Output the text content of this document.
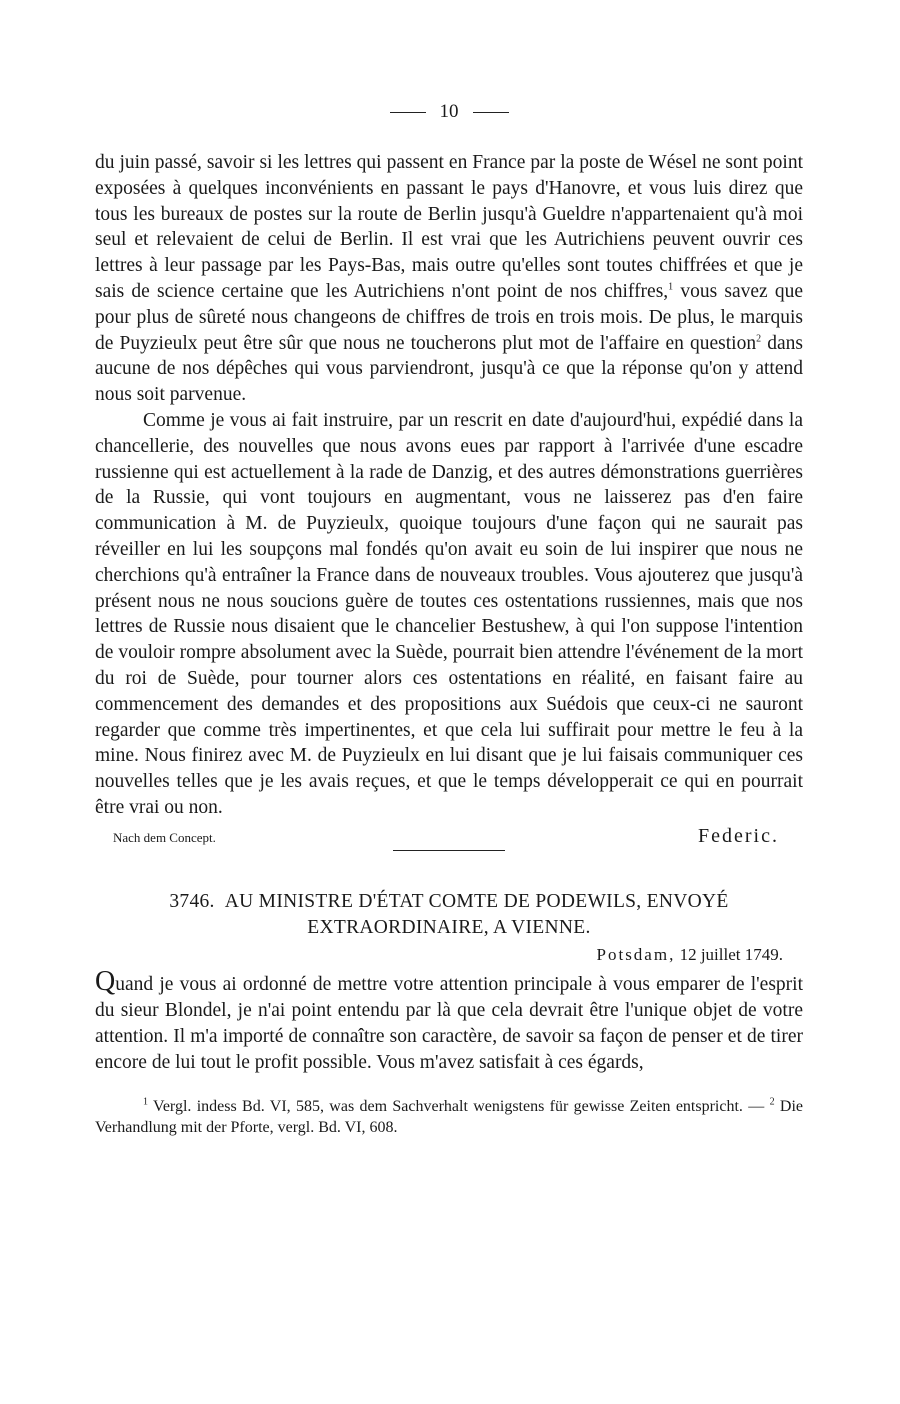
10

du juin passé, savoir si les lettres qui passent en France par la poste de Wésel ne sont point exposées à quelques inconvénients en passant le pays d'Hanovre, et vous luis direz que tous les bureaux de postes sur la route de Berlin jusqu'à Gueldre n'appartenaient qu'à moi seul et relevaient de celui de Berlin. Il est vrai que les Autrichiens peuvent ouvrir ces lettres à leur passage par les Pays-Bas, mais outre qu'elles sont toutes chiffrées et que je sais de science certaine que les Autrichiens n'ont point de nos chiffres,$^1$ vous savez que pour plus de sûreté nous changeons de chiffres de trois en trois mois. De plus, le marquis de Puyzieulx peut être sûr que nous ne toucherons plut mot de l'affaire en question$^2$ dans aucune de nos dépêches qui vous parviendront, jusqu'à ce que la réponse qu'on y attend nous soit parvenue.

Comme je vous ai fait instruire, par un rescrit en date d'aujourd'hui, expédié dans la chancellerie, des nouvelles que nous avons eues par rapport à l'arrivée d'une escadre russienne qui est actuellement à la rade de Danzig, et des autres démonstrations guerrières de la Russie, qui vont toujours en augmentant, vous ne laisserez pas d'en faire communication à M. de Puyzieulx, quoique toujours d'une façon qui ne saurait pas réveiller en lui les soupçons mal fondés qu'on avait eu soin de lui inspirer que nous ne cherchions qu'à entraîner la France dans de nouveaux troubles. Vous ajouterez que jusqu'à présent nous ne nous soucions guère de toutes ces ostentations russiennes, mais que nos lettres de Russie nous disaient que le chancelier Bestushew, à qui l'on suppose l'intention de vouloir rompre absolument avec la Suède, pourrait bien attendre l'événement de la mort du roi de Suède, pour tourner alors ces ostentations en réalité, en faisant faire au commencement des demandes et des propositions aux Suédois que ceux-ci ne sauront regarder que comme très impertinentes, et que cela lui suffirait pour mettre le feu à la mine. Nous finirez avec M. de Puyzieulx en lui disant que je lui faisais communiquer ces nouvelles telles que je les avais reçues, et que le temps développerait ce qui en pourrait être vrai ou non.

Nach dem Concept.	Federic.
3746. AU MINISTRE D'ÉTAT COMTE DE PODEWILS, ENVOYÉ
EXTRAORDINAIRE, A VIENNE.
Potsdam, 12 juillet 1749.

Quand je vous ai ordonné de mettre votre attention principale à vous emparer de l'esprit du sieur Blondel, je n'ai point entendu par là que cela devrait être l'unique objet de votre attention. Il m'a importé de connaître son caractère, de savoir sa façon de penser et de tirer encore de lui tout le profit possible. Vous m'avez satisfait à ces égards,

$^1$ Vergl. indess Bd. VI, 585, was dem Sachverhalt wenigstens für gewisse Zeiten entspricht. — $^2$ Die Verhandlung mit der Pforte, vergl. Bd. VI, 608.
